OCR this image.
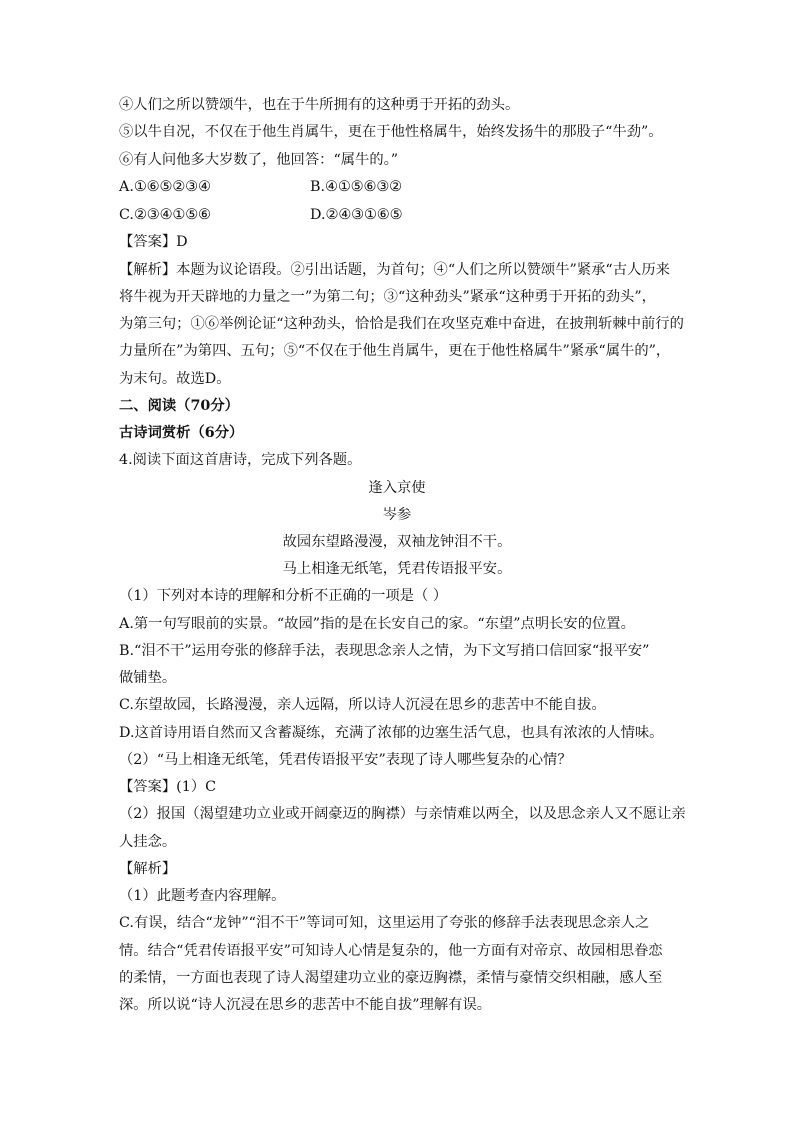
④人们之所以赞颂牛，也在于牛所拥有的这种勇于开拓的劲头。
⑤以牛自况，不仅在于他生肖属牛，更在于他性格属牛，始终发扬牛的那股子“牛劲”。
⑥有人问他多大岁数了，他回答：“属牛的。”
A.①⑥⑤②③④	B.④①⑤⑥③②
C.②③④①⑤⑥	D.②④③①⑥⑤
【答案】D
【解析】本题为议论语段。②引出话题，为首句；④“人们之所以赞颂牛”紧承“古人历来
将牛视为开天辟地的力量之一”为第二句；③“这种劲头”紧承“这种勇于开拓的劲头”，
为第三句；①⑥举例论证“这种劲头，恰恰是我们在攻坚克难中奋进，在披荆斩棘中前行的
力量所在”为第四、五句；⑤“不仅在于他生肖属牛，更在于他性格属牛”紧承“属牛的”，
为末句。故选D。
二、阅读（70分）
古诗词赏析（6分）
4.阅读下面这首唐诗，完成下列各题。
逢入京使
岑参
故园东望路漫漫，双袖龙钟泪不干。
马上相逢无纸笔，凭君传语报平安。
（1）下列对本诗的理解和分析不正确的一项是（ ）
A.第一句写眼前的实景。“故园”指的是在长安自己的家。“东望”点明长安的位置。
B.“泪不干”运用夸张的修辞手法，表现思念亲人之情，为下文写捎口信回家“报平安”
做铺垫。
C.东望故园，长路漫漫，亲人远隔，所以诗人沉浸在思乡的悲苦中不能自拔。
D.这首诗用语自然而又含蓄凝练，充满了浓郁的边塞生活气息，也具有浓浓的人情味。
（2）“马上相逢无纸笔，凭君传语报平安”表现了诗人哪些复杂的心情？
【答案】(1）C
（2）报国（渴望建功立业或开阔豪迈的胸襟）与亲情难以两全，以及思念亲人又不愿让亲
人挂念。
【解析】
（1）此题考查内容理解。
C.有误，结合“龙钟”“泪不干”等词可知，这里运用了夸张的修辞手法表现思念亲人之
情。结合“凭君传语报平安”可知诗人心情是复杂的，他一方面有对帝京、故园相思眷恋
的柔情，一方面也表现了诗人渴望建功立业的豪迈胸襟，柔情与豪情交织相融，感人至
深。所以说“诗人沉浸在思乡的悲苦中不能自拔”理解有误。
